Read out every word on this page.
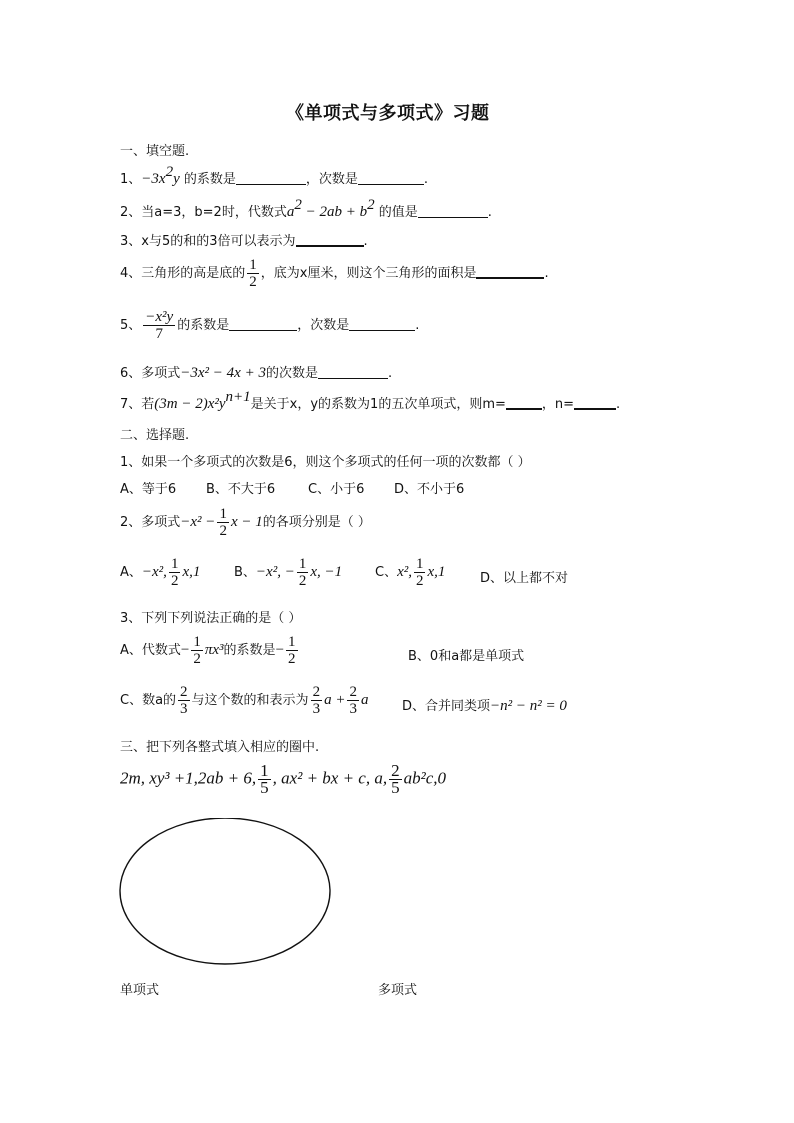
《单项式与多项式》习题
一、填空题.
1、$-3x^2y$ 的系数是	，次数是	.
2、当a=3，b=2时，代数式$a^2 - 2ab + b^2$ 的值是	.
3、x与5的和的3倍可以表示为	.
4、三角形的高是底的 $\frac{1}{2}$ ，底为x厘米，则这个三角形的面积是	.
5、 $\frac{\text{−x²y}}{7}$ 的系数是	，次数是	.
6、多项式−3x² − 4x + 3的次数是	.
7、若$(3m - 2)x^2y^{n+1}$是关于x，y的系数为1的五次单项式，则m=	，n=	.
二、选择题.
1、如果一个多项式的次数是6，则这个多项式的任何一项的次数都（ ）
A、等于6 B、不大于6	C、小于6 D、不小于6
2、多项式$-x^2 - \frac{1}{2}$ x − 1的各项分别是（ ）
A、−x², $\frac{1}{2} x,1$	B、−x², − $\frac{1}{2} x$, −1	C、x², $\frac{1}{2} x,1$	D、以上都不对
3、下列下列说法正确的是（ ）
A、代数式− $\frac{1}{2} \pi x^3$的系数是− $\frac{1}{2}$	B、0和a都是单项式
C、数a的 $\frac{2}{3}$ 与这个数的和表示为 $\frac{2}{3}$ $a + \frac{2}{3}$ a	D、合并同类项−n² − n² = 0
三、把下列各整式填入相应的圈中.
2m, xy³ +1,2ab + 6, $\frac{1}{5}$ , ax² + bx + c, a, $\frac{2}{5} ab^2c,0$
单项式	多项式
